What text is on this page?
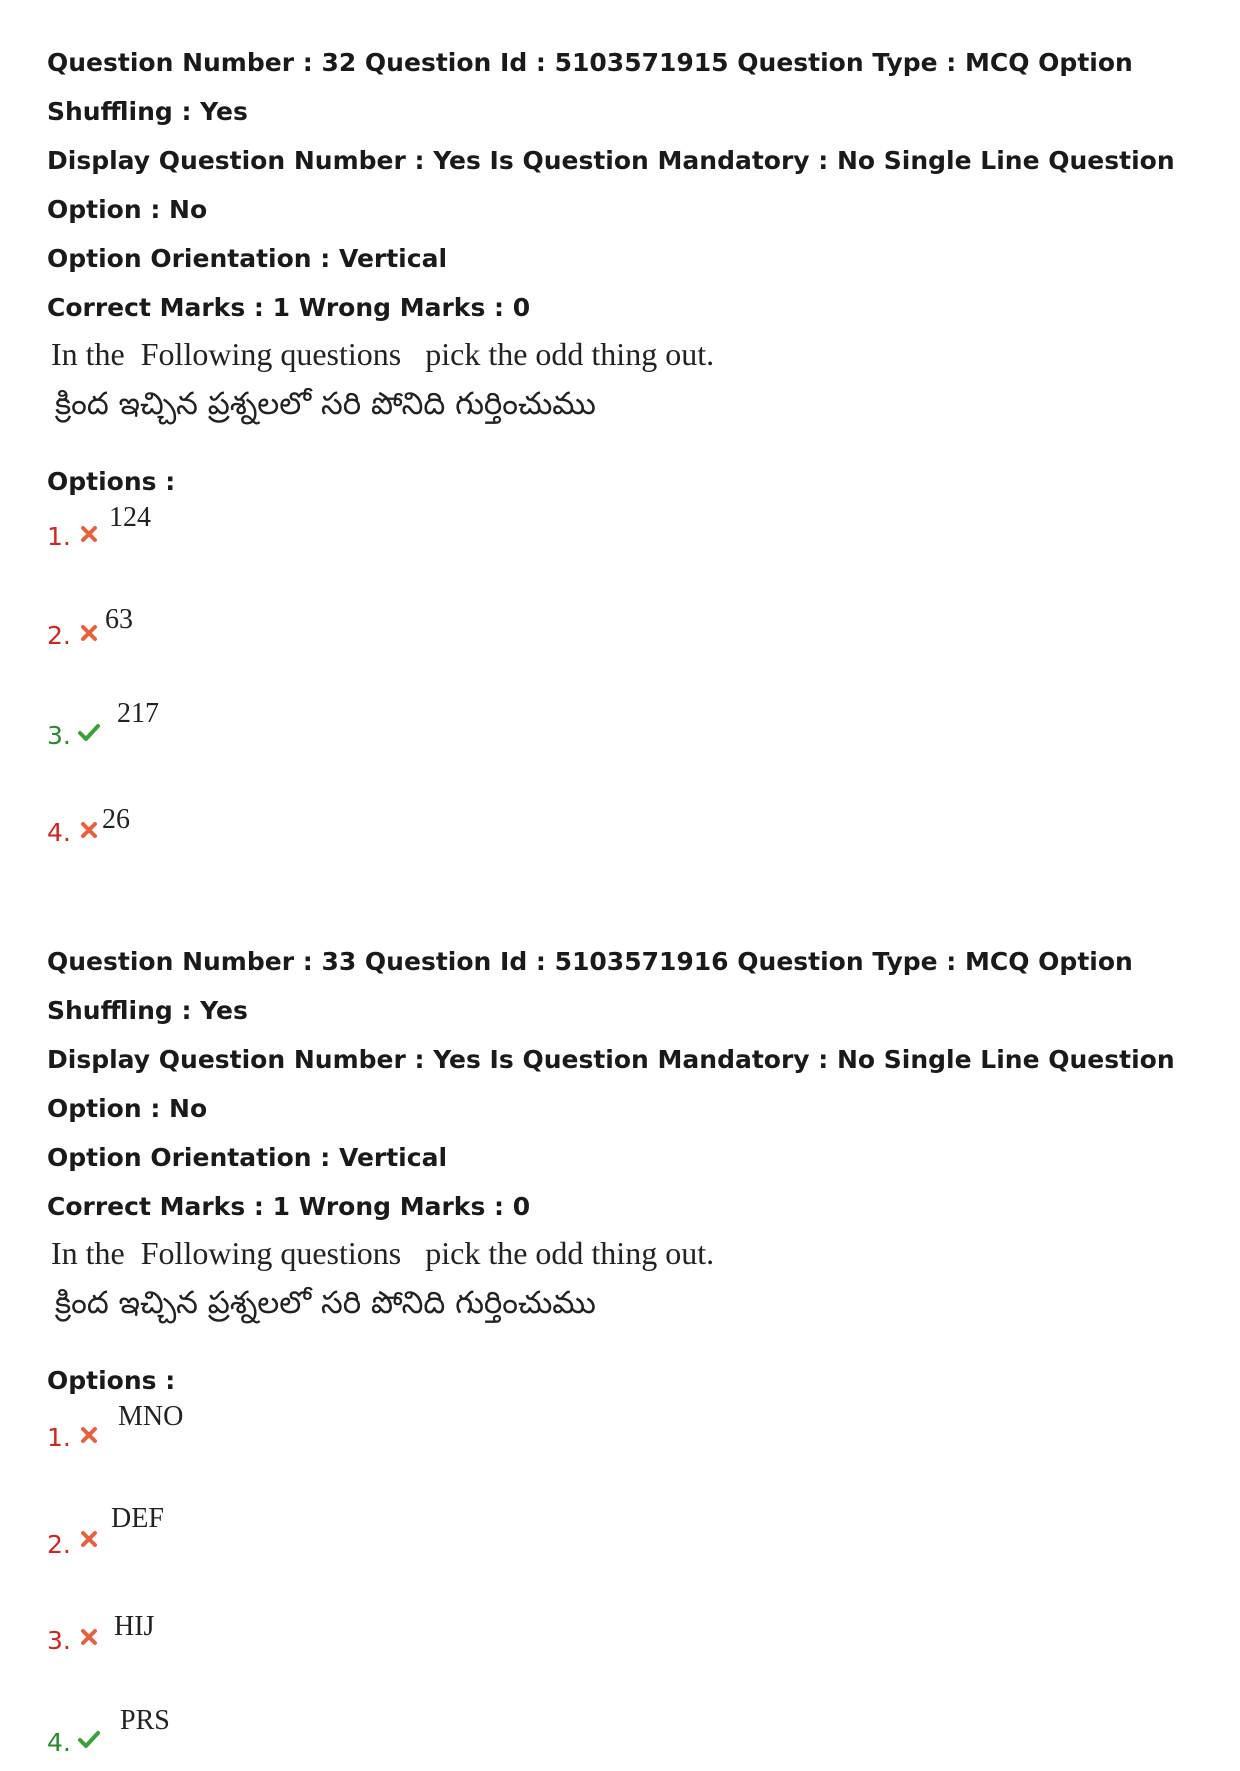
Question Number : 32 Question Id : 5103571915 Question Type : MCQ Option Shuffling : Yes

Display Question Number : Yes Is Question Mandatory : No Single Line Question Option : No

Option Orientation : Vertical

Correct Marks : 1 Wrong Marks : 0

In the  Following questions   pick the odd thing out.
క్రింద ఇచ్చిన ప్రశ్నలలో సరి పోనిది గుర్తించుము
Options :
1.
124
2.
63
3.
217
4. 26

Question Number : 33 Question Id : 5103571916 Question Type : MCQ Option Shuffling : Yes

Display Question Number : Yes Is Question Mandatory : No Single Line Question Option : No

Option Orientation : Vertical

Correct Marks : 1 Wrong Marks : 0

In the  Following questions   pick the odd thing out.
క్రింద ఇచ్చిన ప్రశ్నలలో సరి పోనిది గుర్తించుము
Options :
1.
MNO
2.
DEF
3. HIJ
4.
PRS
